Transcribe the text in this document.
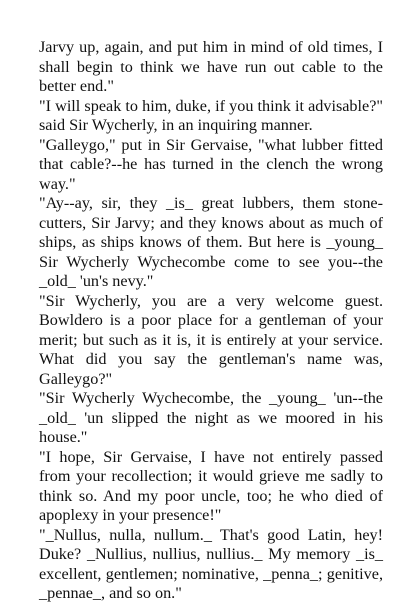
Jarvy up, again, and put him in mind of old times, I shall begin to think we have run out cable to the better end."

"I will speak to him, duke, if you think it advisable?" said Sir Wycherly, in an inquiring manner.

"Galleygo," put in Sir Gervaise, "what lubber fitted that cable?--he has turned in the clench the wrong way."

"Ay--ay, sir, they _is_ great lubbers, them stone-cutters, Sir Jarvy; and they knows about as much of ships, as ships knows of them. But here is _young_ Sir Wycherly Wychecombe come to see you--the _old_ 'un's nevy."

"Sir Wycherly, you are a very welcome guest. Bowldero is a poor place for a gentleman of your merit; but such as it is, it is entirely at your service. What did you say the gentleman's name was, Galleygo?"

"Sir Wycherly Wychecombe, the _young_ 'un--the _old_ 'un slipped the night as we moored in his house."

"I hope, Sir Gervaise, I have not entirely passed from your recollection; it would grieve me sadly to think so. And my poor uncle, too; he who died of apoplexy in your presence!"

"_Nullus, nulla, nullum._ That's good Latin, hey! Duke? _Nullius, nullius, nullius._ My memory _is_ excellent, gentlemen; nominative, _penna_; genitive, _pennae_, and so on."
